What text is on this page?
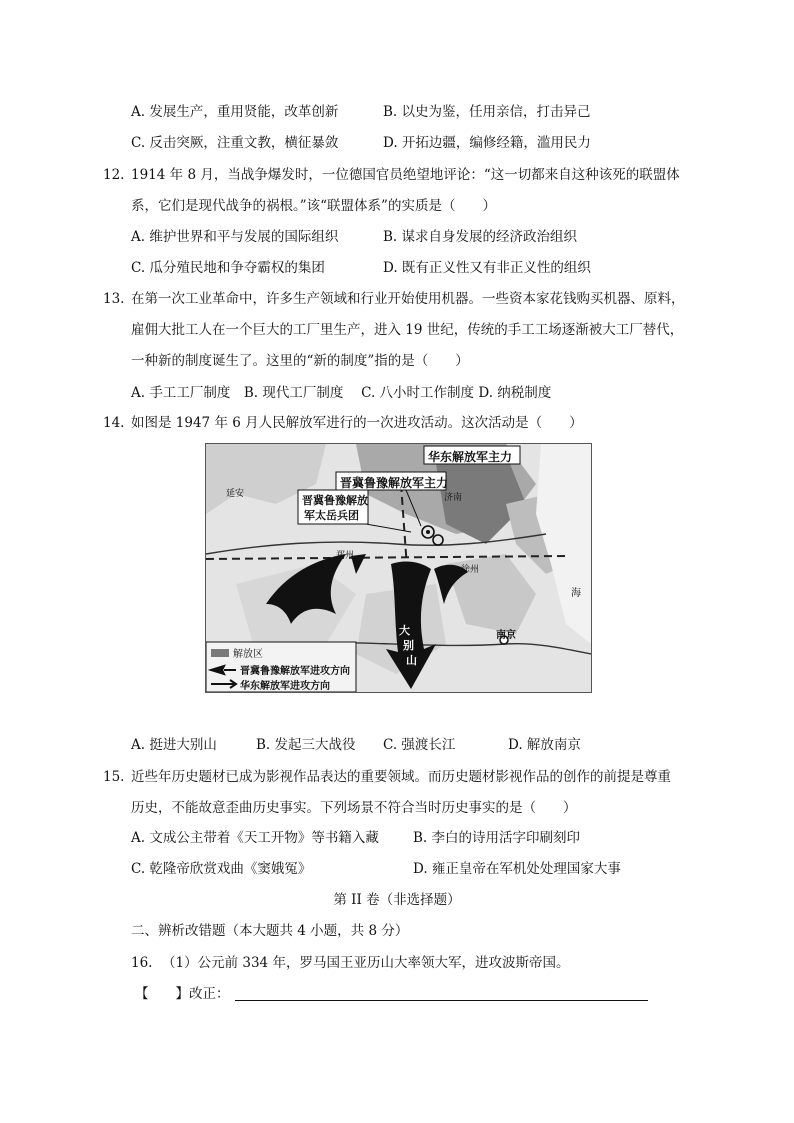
A. 发展生产，重用贤能，改革创新	B. 以史为鉴，任用亲信，打击异己
C. 反击突厥，注重文教，横征暴敛	D. 开拓边疆，编修经籍，滥用民力
12. 1914 年 8 月，当战争爆发时，一位德国官员绝望地评论：“这一切都来自这种该死的联盟体
系，它们是现代战争的祸根。”该“联盟体系”的实质是（　　）
A. 维护世界和平与发展的国际组织	B. 谋求自身发展的经济政治组织
C. 瓜分殖民地和争夺霸权的集团	D. 既有正义性又有非正义性的组织
13. 在第一次工业革命中，许多生产领域和行业开始使用机器。一些资本家花钱购买机器、原料，
雇佣大批工人在一个巨大的工厂里生产，进入 19 世纪，传统的手工工场逐渐被大工厂替代，
一种新的制度诞生了。这里的“新的制度”指的是（　　）
A. 手工工厂制度　B. 现代工厂制度　 C. 八小时工作制度 D. 纳税制度
14. 如图是 1947 年 6 月人民解放军进行的一次进攻活动。这次活动是（　　）
华东解放军主力
晋冀鲁豫解放军主力
晋冀鲁豫解放
军太岳兵团
大
别
山
延安	济南
徐州
南京
郑州
海
解放区
晋冀鲁豫解放军进攻方向
华东解放军进攻方向
A. 挺进大别山	B. 发起三大战役 C. 强渡长江	D. 解放南京
15. 近些年历史题材已成为影视作品表达的重要领域。而历史题材影视作品的创作的前提是尊重
历史，不能故意歪曲历史事实。下列场景不符合当时历史事实的是（　　）
A. 文成公主带着《天工开物》等书籍入藏	B. 李白的诗用活字印刷刻印
C. 乾隆帝欣赏戏曲《窦娥冤》	D. 雍正皇帝在军机处处理国家大事
第 II 卷（非选择题）
二、辨析改错题（本大题共 4 小题，共 8 分）
16. （1）公元前 334 年，罗马国王亚历山大率领大军，进攻波斯帝国。
【　　】改正：
